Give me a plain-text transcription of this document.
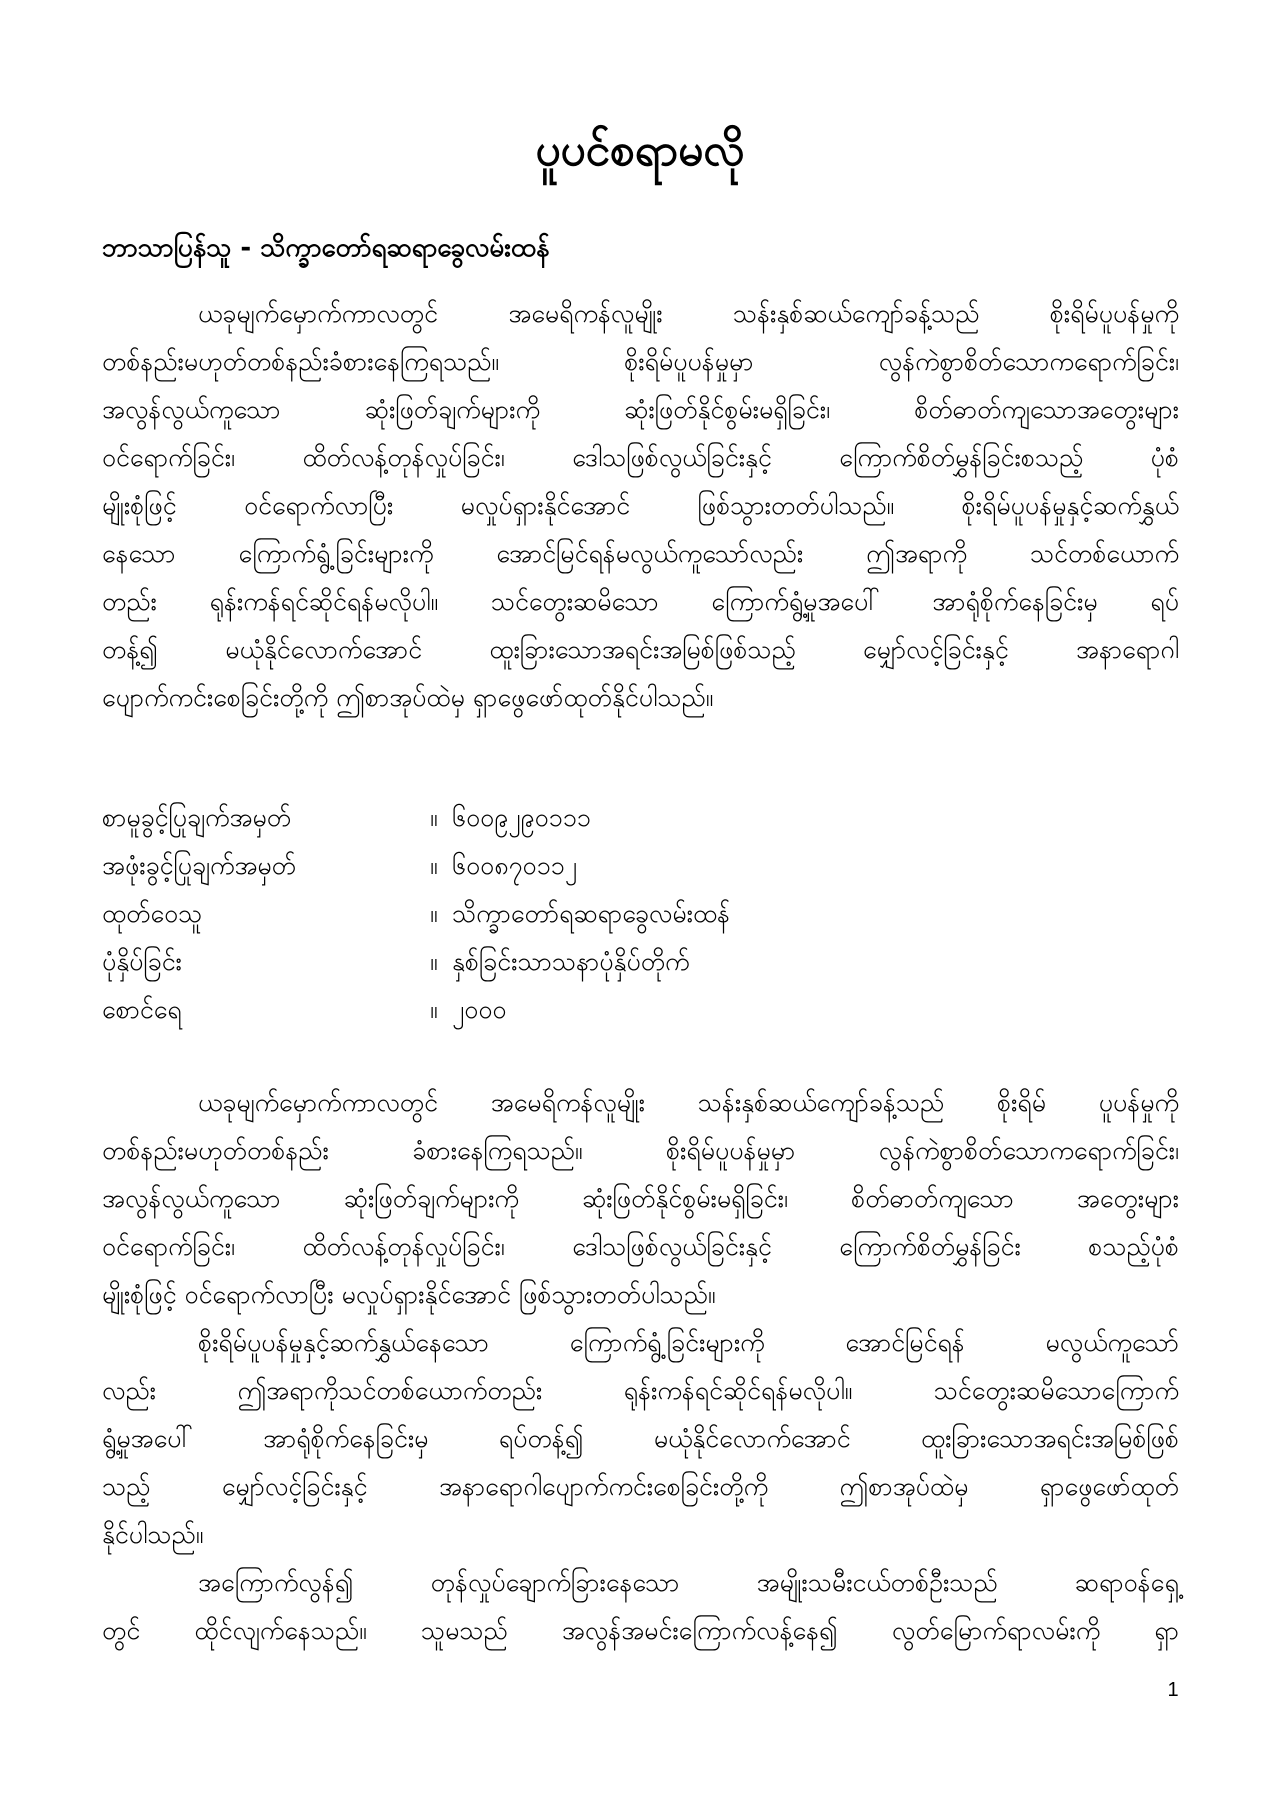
ပူပင်စရာမလို
ဘာသာပြန်သူ - သိက္ခာတော်ရဆရာခွေလမ်းထန်
ယခုမျက်မှောက်ကာလတွင် အမေရိကန်လူမျိုး သန်းနှစ်ဆယ်ကျော်ခန့်သည် စိုးရိမ်ပူပန်မှုကို
တစ်နည်းမဟုတ်တစ်နည်းခံစားနေကြရသည်။ စိုးရိမ်ပူပန်မှုမှာ လွန်ကဲစွာစိတ်သောကရောက်ခြင်း၊
အလွန်လွယ်ကူသော ဆုံးဖြတ်ချက်များကို ဆုံးဖြတ်နိုင်စွမ်းမရှိခြင်း၊ စိတ်ဓာတ်ကျသောအတွေးများ
ဝင်ရောက်ခြင်း၊ ထိတ်လန့်တုန်လှုပ်ခြင်း၊ ဒေါသဖြစ်လွယ်ခြင်းနှင့် ကြောက်စိတ်မွှန်ခြင်းစသည့် ပုံစံ
မျိုးစုံဖြင့် ဝင်ရောက်လာပြီး မလှုပ်ရှားနိုင်အောင် ဖြစ်သွားတတ်ပါသည်။ စိုးရိမ်ပူပန်မှုနှင့်ဆက်နွှယ်
နေသော ကြောက်ရွံ့ခြင်းများကို အောင်မြင်ရန်မလွယ်ကူသော်လည်း ဤအရာကို သင်တစ်ယောက်
တည်း ရုန်းကန်ရင်ဆိုင်ရန်မလိုပါ။ သင်တွေးဆမိသော ကြောက်ရွံ့မှုအပေါ် အာရုံစိုက်နေခြင်းမှ ရပ်
တန့်၍ မယုံနိုင်လောက်အောင် ထူးခြားသောအရင်းအမြစ်ဖြစ်သည့် မျှော်လင့်ခြင်းနှင့် အနာရောဂါ
ပျောက်ကင်းစေခြင်းတို့ကို ဤစာအုပ်ထဲမှ ရှာဖွေဖော်ထုတ်နိုင်ပါသည်။
စာမူခွင့်ပြုချက်အမှတ်	။ ၆၀၀၉၂၉၀၁၁၁
အဖုံးခွင့်ပြုချက်အမှတ်	။ ၆၀၀၈၇၀၁၁၂
ထုတ်ဝေသူ	။ သိက္ခာတော်ရဆရာခွေလမ်းထန်
ပုံနှိပ်ခြင်း	။ နှစ်ခြင်းသာသနာပုံနှိပ်တိုက်
စောင်ရေ	။ ၂၀၀၀
ယခုမျက်မှောက်ကာလတွင် အမေရိကန်လူမျိုး သန်းနှစ်ဆယ်ကျော်ခန့်သည် စိုးရိမ် ပူပန်မှုကို
တစ်နည်းမဟုတ်တစ်နည်း ခံစားနေကြရသည်။ စိုးရိမ်ပူပန်မှုမှာ လွန်ကဲစွာစိတ်သောကရောက်ခြင်း၊
အလွန်လွယ်ကူသော ဆုံးဖြတ်ချက်များကို ဆုံးဖြတ်နိုင်စွမ်းမရှိခြင်း၊ စိတ်ဓာတ်ကျသော အတွေးများ
ဝင်ရောက်ခြင်း၊ ထိတ်လန့်တုန်လှုပ်ခြင်း၊ ဒေါသဖြစ်လွယ်ခြင်းနှင့် ကြောက်စိတ်မွှန်ခြင်း စသည့်ပုံစံ
မျိုးစုံဖြင့် ဝင်ရောက်လာပြီး မလှုပ်ရှားနိုင်အောင် ဖြစ်သွားတတ်ပါသည်။
စိုးရိမ်ပူပန်မှုနှင့်ဆက်နွှယ်နေသော ကြောက်ရွံ့ခြင်းများကို အောင်မြင်ရန် မလွယ်ကူသော်
လည်း ဤအရာကိုသင်တစ်ယောက်တည်း ရုန်းကန်ရင်ဆိုင်ရန်မလိုပါ။ သင်တွေးဆမိသောကြောက်
ရွံ့မှုအပေါ် အာရုံစိုက်နေခြင်းမှ ရပ်တန့်၍ မယုံနိုင်လောက်အောင် ထူးခြားသောအရင်းအမြစ်ဖြစ်
သည့် မျှော်လင့်ခြင်းနှင့် အနာရောဂါပျောက်ကင်းစေခြင်းတို့ကို ဤစာအုပ်ထဲမှ ရှာဖွေဖော်ထုတ်
နိုင်ပါသည်။
အကြောက်လွန်၍ တုန်လှုပ်ချောက်ခြားနေသော အမျိုးသမီးငယ်တစ်ဦးသည် ဆရာဝန်ရှေ့
တွင် ထိုင်လျက်နေသည်။ သူမသည် အလွန်အမင်းကြောက်လန့်နေ၍ လွတ်မြောက်ရာလမ်းကို ရှာ
1
